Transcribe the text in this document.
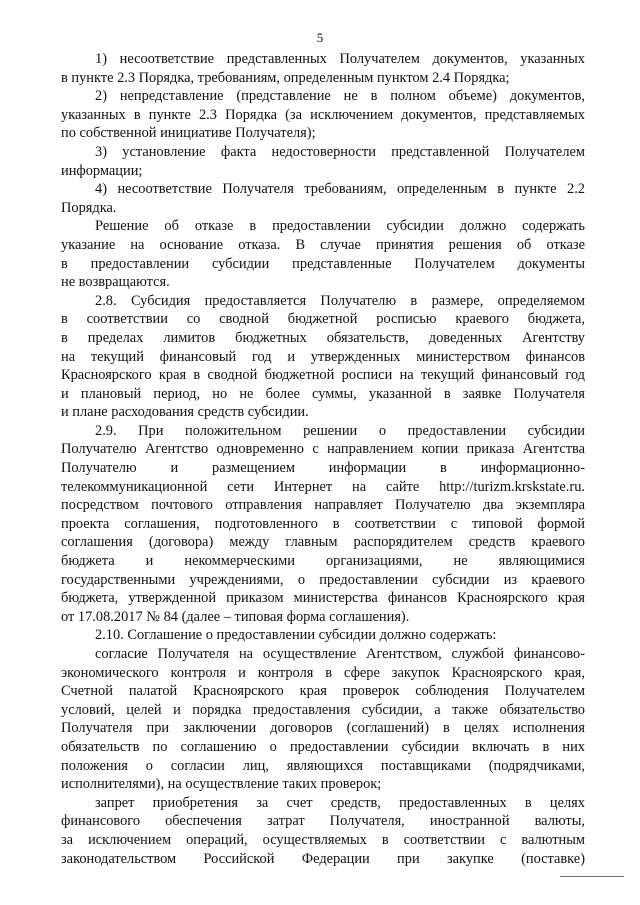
5
1) несоответствие представленных Получателем документов, указанных
в пункте 2.3 Порядка, требованиям, определенным пунктом 2.4 Порядка;
2) непредставление (представление не в полном объеме) документов,
указанных в пункте 2.3 Порядка (за исключением документов, представляемых
по собственной инициативе Получателя);
3) установление факта недостоверности представленной Получателем
информации;
4) несоответствие Получателя требованиям, определенным в пункте 2.2
Порядка.
Решение об отказе в предоставлении субсидии должно содержать
указание на основание отказа. В случае принятия решения об отказе
в предоставлении субсидии представленные Получателем документы
не возвращаются.
2.8. Субсидия предоставляется Получателю в размере, определяемом
в соответствии со сводной бюджетной росписью краевого бюджета,
в пределах лимитов бюджетных обязательств, доведенных Агентству
на текущий финансовый год и утвержденных министерством финансов
Красноярского края в сводной бюджетной росписи на текущий финансовый год
и плановый период, но не более суммы, указанной в заявке Получателя
и плане расходования средств субсидии.
2.9. При положительном решении о предоставлении субсидии
Получателю Агентство одновременно с направлением копии приказа Агентства
Получателю и размещением информации в информационно-
телекоммуникационной сети Интернет на сайте http://turizm.krskstate.ru.
посредством почтового отправления направляет Получателю два экземпляра
проекта соглашения, подготовленного в соответствии с типовой формой
соглашения (договора) между главным распорядителем средств краевого
бюджета и некоммерческими организациями, не являющимися
государственными учреждениями, о предоставлении субсидии из краевого
бюджета, утвержденной приказом министерства финансов Красноярского края
от 17.08.2017 № 84 (далее – типовая форма соглашения).
2.10. Соглашение о предоставлении субсидии должно содержать:
согласие Получателя на осуществление Агентством, службой финансово-
экономического контроля и контроля в сфере закупок Красноярского края,
Счетной палатой Красноярского края проверок соблюдения Получателем
условий, целей и порядка предоставления субсидии, а также обязательство
Получателя при заключении договоров (соглашений) в целях исполнения
обязательств по соглашению о предоставлении субсидии включать в них
положения о согласии лиц, являющихся поставщиками (подрядчиками,
исполнителями), на осуществление таких проверок;
запрет приобретения за счет средств, предоставленных в целях
финансового обеспечения затрат Получателя, иностранной валюты,
за исключением операций, осуществляемых в соответствии с валютным
законодательством Российской Федерации при закупке (поставке)
